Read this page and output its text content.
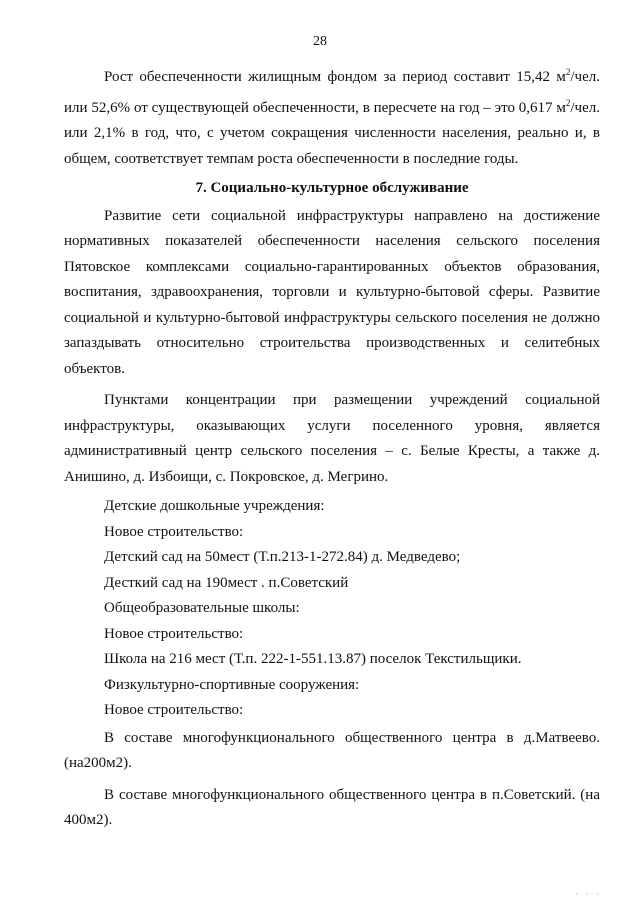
28

Рост обеспеченности жилищным фондом за период составит 15,42 $м^2$/чел. или 52,6% от существующей обеспеченности, в пересчете на год – это 0,617 $м^2$/чел. или 2,1% в год, что, с учетом сокращения численности населения, реально и, в общем, соответствует темпам роста обеспеченности в последние годы.

7. Социально-культурное обслуживание

Развитие сети социальной инфраструктуры направлено на достижение нормативных показателей обеспеченности населения сельского поселения Пятовское комплексами социально-гарантированных объектов образования, воспитания, здравоохранения, торговли и культурно-бытовой сферы. Развитие социальной и культурно-бытовой инфраструктуры сельского поселения не должно запаздывать относительно строительства производственных и селитебных объектов.

Пунктами концентрации при размещении учреждений социальной инфраструктуры, оказывающих услуги поселенного уровня, является административный центр сельского поселения – с. Белые Кресты, а также д. Анишино, д. Избоищи, с. Покровское, д. Мегрино.

Детские дошкольные учреждения:

Новое строительство:

Детский сад на 50мест (Т.п.213-1-272.84) д. Медведево;

Десткий сад на 190мест . п.Советский

Общеобразовательные школы:

Новое строительство:

Школа на 216 мест (Т.п. 222-1-551.13.87) поселок Текстильщики.

Физкультурно-спортивные сооружения:

Новое строительство:

В составе многофункционального общественного центра в д.Матвеево. (на200м2).

В составе многофункционального общественного центра в п.Советский. (на 400м2).

· · ·
